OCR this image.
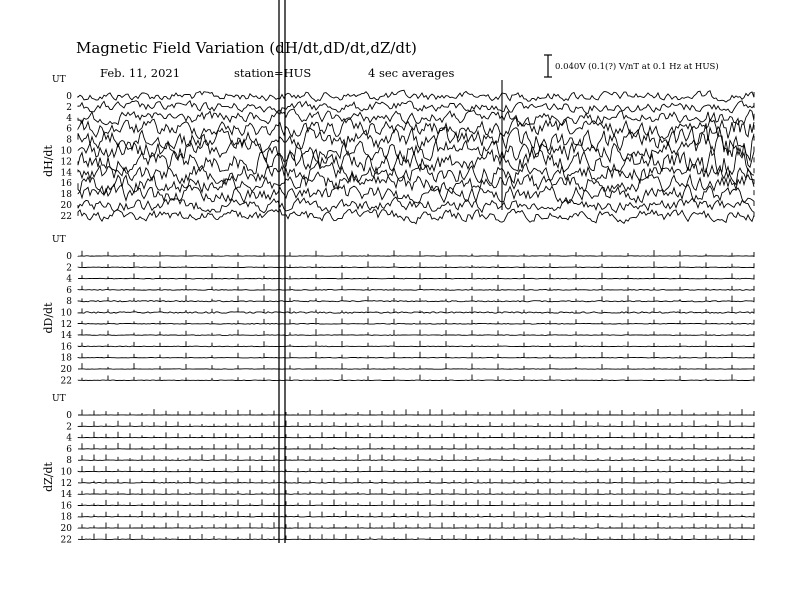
Magnetic Field Variation (dH/dt,dD/dt,dZ/dt)
Feb. 11, 2021	station=HUS	4 sec averages	0.040V (0.1(?) V/nT at 0.1 Hz at HUS)
UT
dH/dt
0
2
4
6
8
10
12
14
16
18
20
22
UT
dD/dt
0
2
4
6
8
10
12
14
16
18
20
22
UT
dZ/dt
0
2
4
6
8
10
12
14
16
18
20
22
